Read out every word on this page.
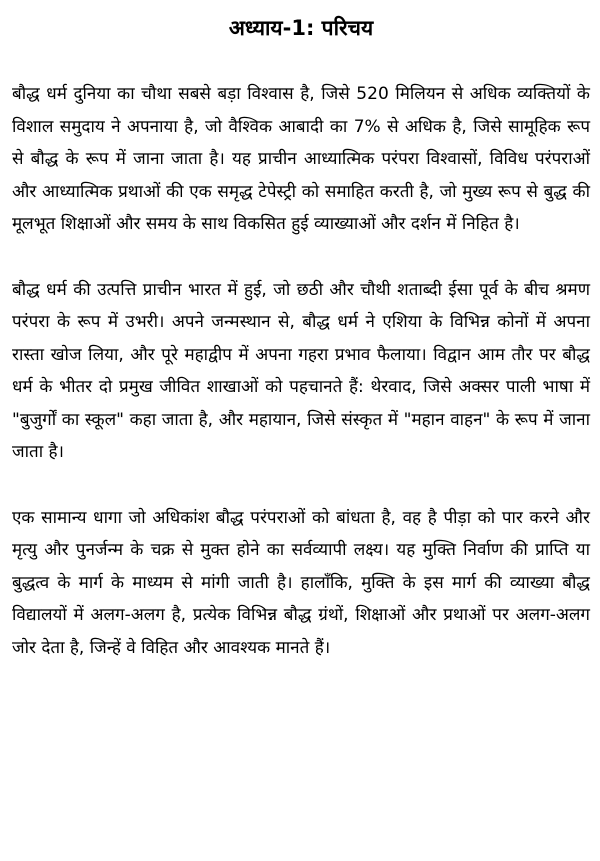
अध्याय-1: परिचय

बौद्ध धर्म दुनिया का चौथा सबसे बड़ा विश्वास है, जिसे 520 मिलियन से अधिक व्यक्तियों के विशाल समुदाय ने अपनाया है, जो वैश्विक आबादी का 7% से अधिक है, जिसे सामूहिक रूप से बौद्ध के रूप में जाना जाता है। यह प्राचीन आध्यात्मिक परंपरा विश्वासों, विविध परंपराओं और आध्यात्मिक प्रथाओं की एक समृद्ध टेपेस्ट्री को समाहित करती है, जो मुख्य रूप से बुद्ध की मूलभूत शिक्षाओं और समय के साथ विकसित हुई व्याख्याओं और दर्शन में निहित है।

बौद्ध धर्म की उत्पत्ति प्राचीन भारत में हुई, जो छठी और चौथी शताब्दी ईसा पूर्व के बीच श्रमण परंपरा के रूप में उभरी। अपने जन्मस्थान से, बौद्ध धर्म ने एशिया के विभिन्न कोनों में अपना रास्ता खोज लिया, और पूरे महाद्वीप में अपना गहरा प्रभाव फैलाया। विद्वान आम तौर पर बौद्ध धर्म के भीतर दो प्रमुख जीवित शाखाओं को पहचानते हैं: थेरवाद, जिसे अक्सर पाली भाषा में "बुजुर्गों का स्कूल" कहा जाता है, और महायान, जिसे संस्कृत में "महान वाहन" के रूप में जाना जाता है।

एक सामान्य धागा जो अधिकांश बौद्ध परंपराओं को बांधता है, वह है पीड़ा को पार करने और मृत्यु और पुनर्जन्म के चक्र से मुक्त होने का सर्वव्यापी लक्ष्य। यह मुक्ति निर्वाण की प्राप्ति या बुद्धत्व के मार्ग के माध्यम से मांगी जाती है। हालाँकि, मुक्ति के इस मार्ग की व्याख्या बौद्ध विद्यालयों में अलग-अलग है, प्रत्येक विभिन्न बौद्ध ग्रंथों, शिक्षाओं और प्रथाओं पर अलग-अलग जोर देता है, जिन्हें वे विहित और आवश्यक मानते हैं।
